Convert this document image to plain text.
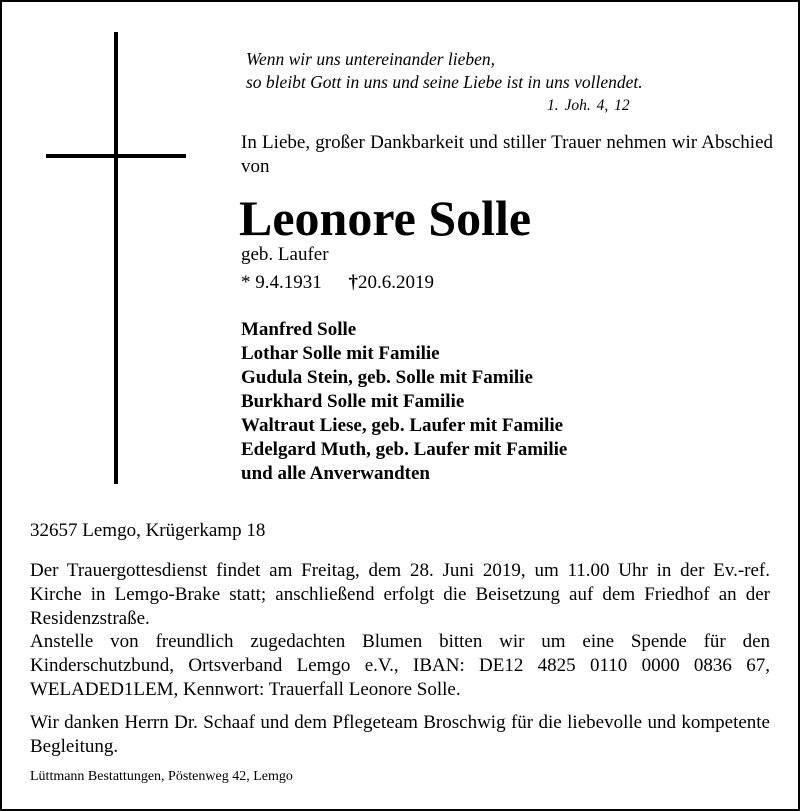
Wenn wir uns untereinander lieben,
so bleibt Gott in uns und seine Liebe ist in uns vollendet.
1. Joh. 4, 12
In Liebe, großer Dankbarkeit und stiller Trauer nehmen wir Abschied von
Leonore Solle
geb. Laufer
* 9.4.1931 †20.6.2019
Manfred Solle
Lothar Solle mit Familie
Gudula Stein, geb. Solle mit Familie
Burkhard Solle mit Familie
Waltraut Liese, geb. Laufer mit Familie
Edelgard Muth, geb. Laufer mit Familie
und alle Anverwandten
32657 Lemgo, Krügerkamp 18

Der Trauergottesdienst findet am Freitag, dem 28. Juni 2019, um 11.00 Uhr in der Ev.-ref. Kirche in Lemgo-Brake statt; anschließend erfolgt die Beisetzung auf dem Friedhof an der Residenzstraße.

Anstelle von freundlich zugedachten Blumen bitten wir um eine Spende für den Kinderschutzbund, Ortsverband Lemgo e.V., IBAN: DE12 4825 0110 0000 0836 67, WELADED1LEM, Kennwort: Trauerfall Leonore Solle.

Wir danken Herrn Dr. Schaaf und dem Pflegeteam Broschwig für die liebevolle und kompetente Begleitung.

Lüttmann Bestattungen, Pöstenweg 42, Lemgo
